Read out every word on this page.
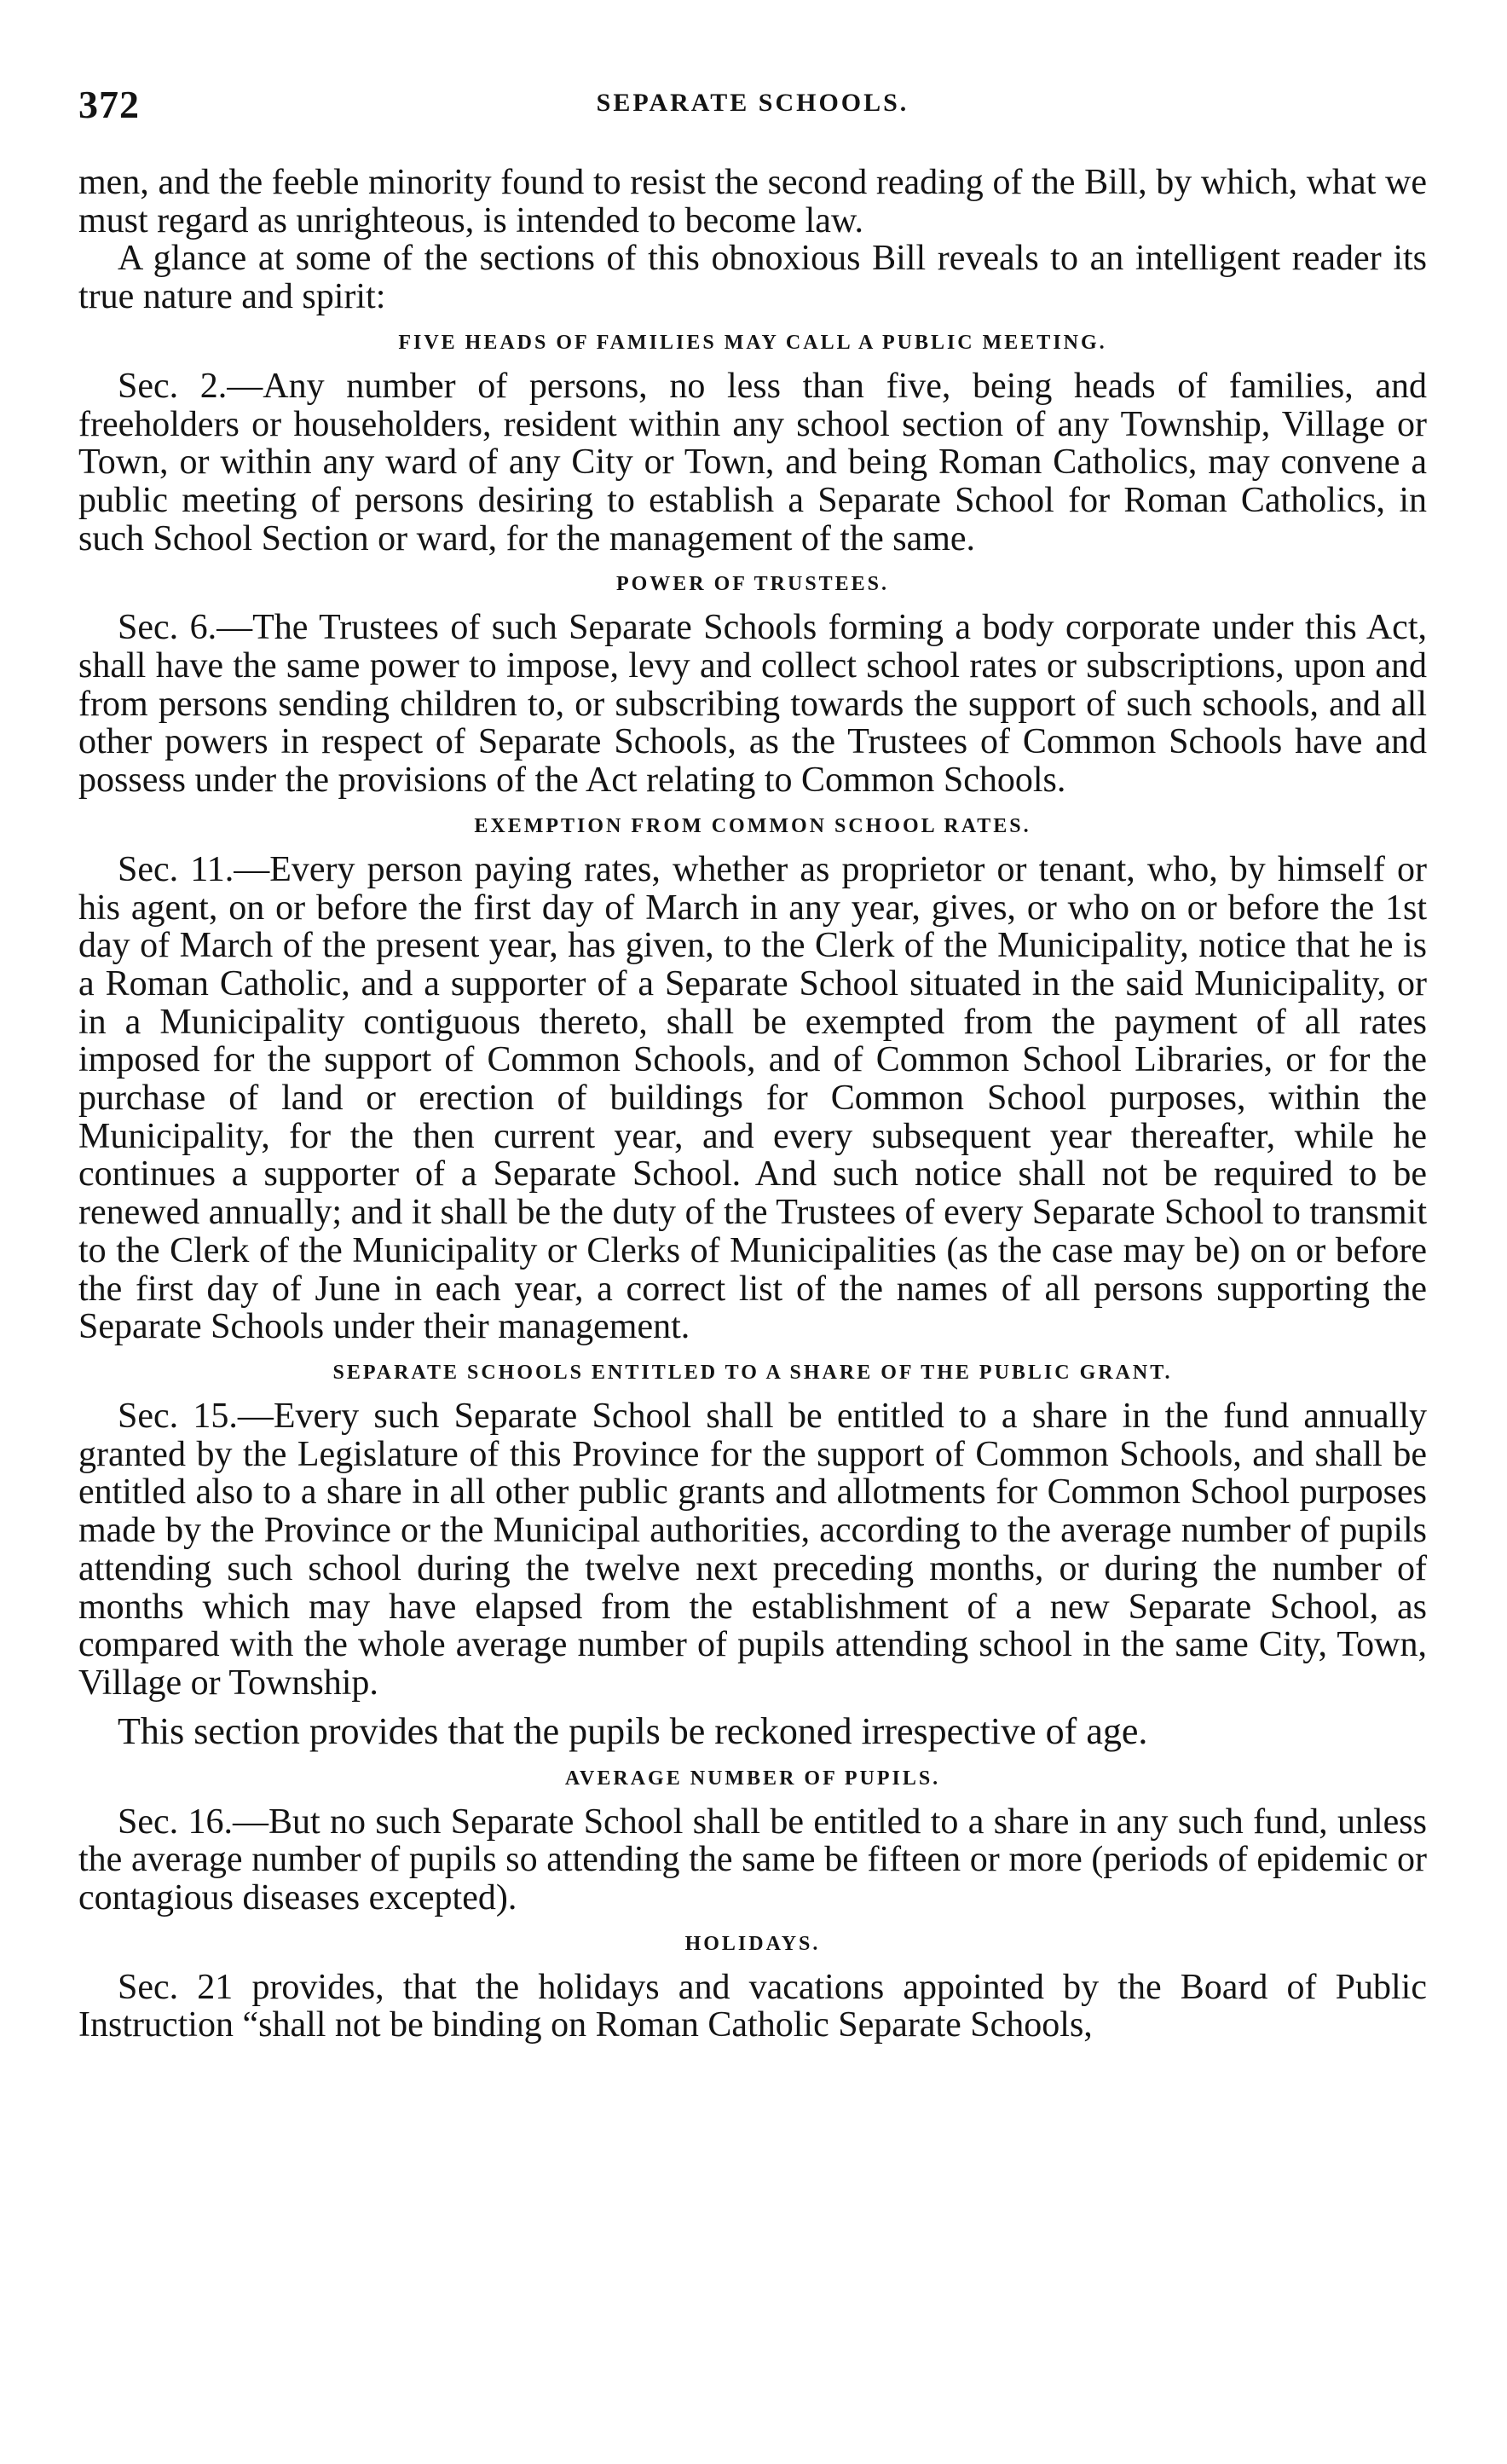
372	SEPARATE SCHOOLS.

men, and the feeble minority found to resist the second reading of the Bill, by which, what we must regard as unrighteous, is intended to become law.

A glance at some of the sections of this obnoxious Bill reveals to an intelligent reader its true nature and spirit:

FIVE HEADS OF FAMILIES MAY CALL A PUBLIC MEETING.

Sec. 2.—Any number of persons, no less than five, being heads of families, and freeholders or householders, resident within any school section of any Township, Village or Town, or within any ward of any City or Town, and being Roman Catholics, may convene a public meeting of persons desiring to establish a Separate School for Roman Catholics, in such School Section or ward, for the management of the same.

POWER OF TRUSTEES.

Sec. 6.—The Trustees of such Separate Schools forming a body corporate under this Act, shall have the same power to impose, levy and collect school rates or subscriptions, upon and from persons sending children to, or subscribing towards the support of such schools, and all other powers in respect of Separate Schools, as the Trustees of Common Schools have and possess under the provisions of the Act relating to Common Schools.

EXEMPTION FROM COMMON SCHOOL RATES.

Sec. 11.—Every person paying rates, whether as proprietor or tenant, who, by himself or his agent, on or before the first day of March in any year, gives, or who on or before the 1st day of March of the present year, has given, to the Clerk of the Municipality, notice that he is a Roman Catholic, and a supporter of a Separate School situated in the said Municipality, or in a Municipality contiguous thereto, shall be exempted from the payment of all rates imposed for the support of Common Schools, and of Common School Libraries, or for the purchase of land or erection of buildings for Common School purposes, within the Municipality, for the then current year, and every subsequent year thereafter, while he continues a supporter of a Separate School. And such notice shall not be required to be renewed annually; and it shall be the duty of the Trustees of every Separate School to transmit to the Clerk of the Municipality or Clerks of Municipalities (as the case may be) on or before the first day of June in each year, a correct list of the names of all persons supporting the Separate Schools under their management.

SEPARATE SCHOOLS ENTITLED TO A SHARE OF THE PUBLIC GRANT.

Sec. 15.—Every such Separate School shall be entitled to a share in the fund annually granted by the Legislature of this Province for the support of Common Schools, and shall be entitled also to a share in all other public grants and allotments for Common School purposes made by the Province or the Municipal authorities, according to the average number of pupils attending such school during the twelve next preceding months, or during the number of months which may have elapsed from the establishment of a new Separate School, as compared with the whole average number of pupils attending school in the same City, Town, Village or Township.

This section provides that the pupils be reckoned irrespective of age.

AVERAGE NUMBER OF PUPILS.

Sec. 16.—But no such Separate School shall be entitled to a share in any such fund, unless the average number of pupils so attending the same be fifteen or more (periods of epidemic or contagious diseases excepted).

HOLIDAYS.

Sec. 21 provides, that the holidays and vacations appointed by the Board of Public Instruction “shall not be binding on Roman Catholic Separate Schools,
